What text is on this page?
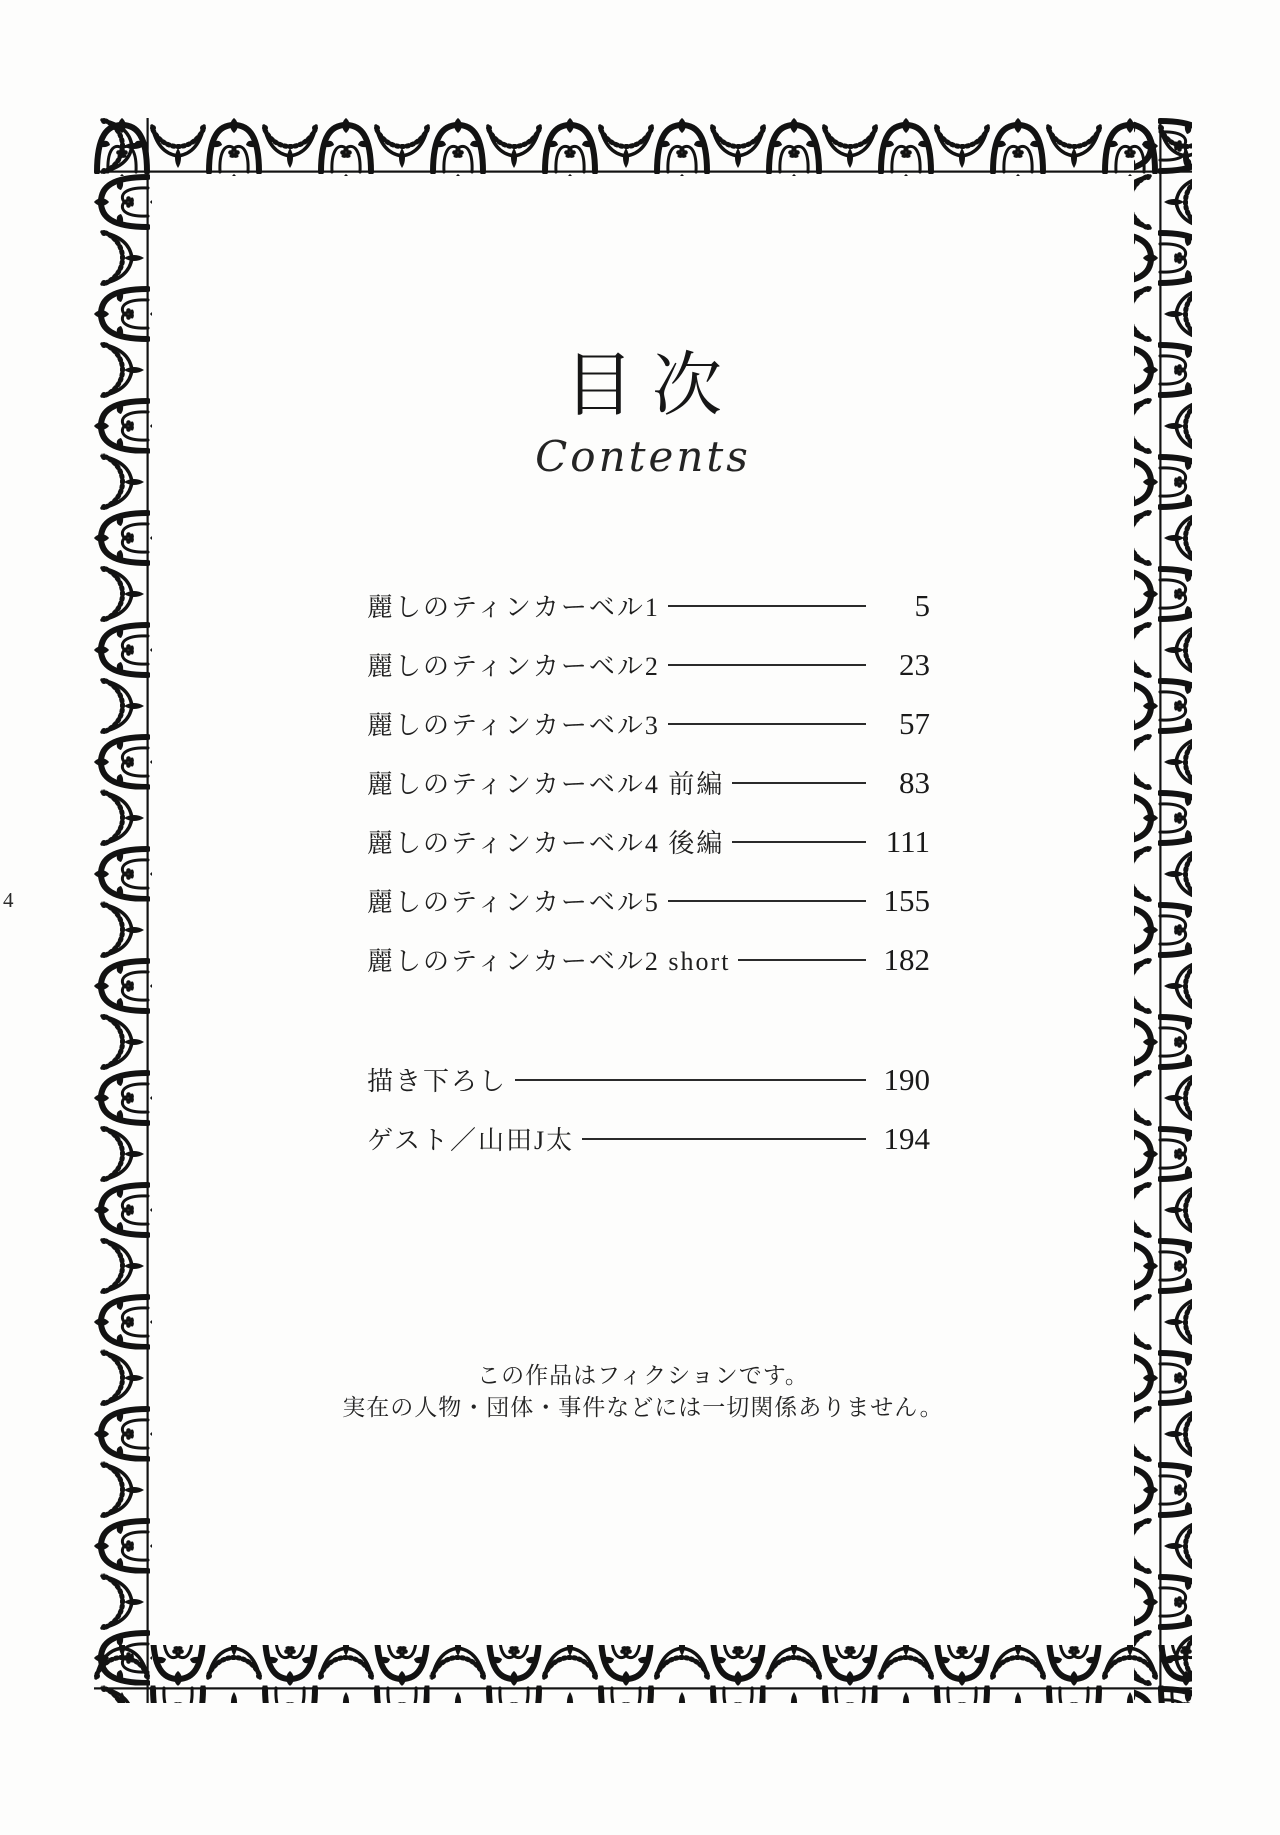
4
目次
Contents
麗しのティンカーベル1	5
麗しのティンカーベル2	23
麗しのティンカーベル3	57
麗しのティンカーベル4 前編	83
麗しのティンカーベル4 後編	111
麗しのティンカーベル5	155
麗しのティンカーベル2 short	182
描き下ろし	190
ゲスト／山田J太	194
この作品はフィクションです。
実在の人物・団体・事件などには一切関係ありません。
